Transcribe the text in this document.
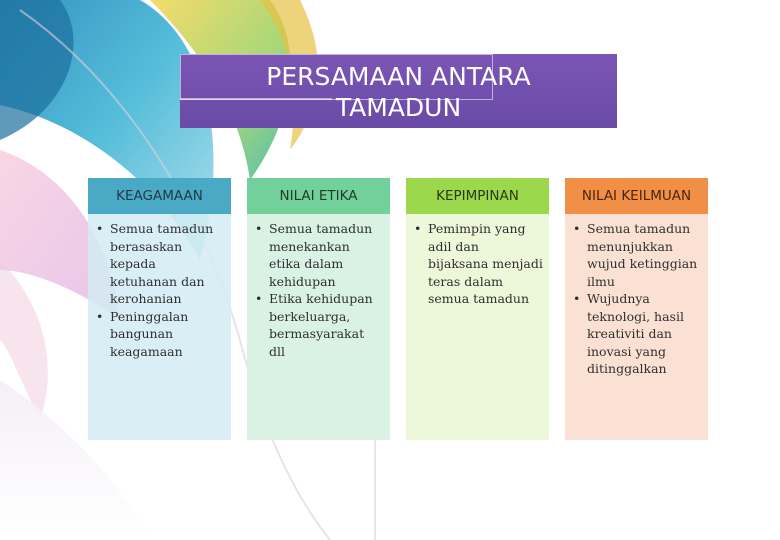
PERSAMAAN ANTARA
TAMADUN
KEAGAMAAN
• Semua tamadun berasaskan kepada ketuhanan dan kerohanian
• Peninggalan bangunan keagamaan
NILAI ETIKA
• Semua tamadun menekankan etika dalam kehidupan
• Etika kehidupan berkeluarga, bermasyarakat dll
KEPIMPINAN
• Pemimpin yang adil dan bijaksana menjadi teras dalam semua tamadun
NILAI KEILMUAN
• Semua tamadun menunjukkan wujud ketinggian ilmu
• Wujudnya teknologi, hasil kreativiti dan inovasi yang ditinggalkan
